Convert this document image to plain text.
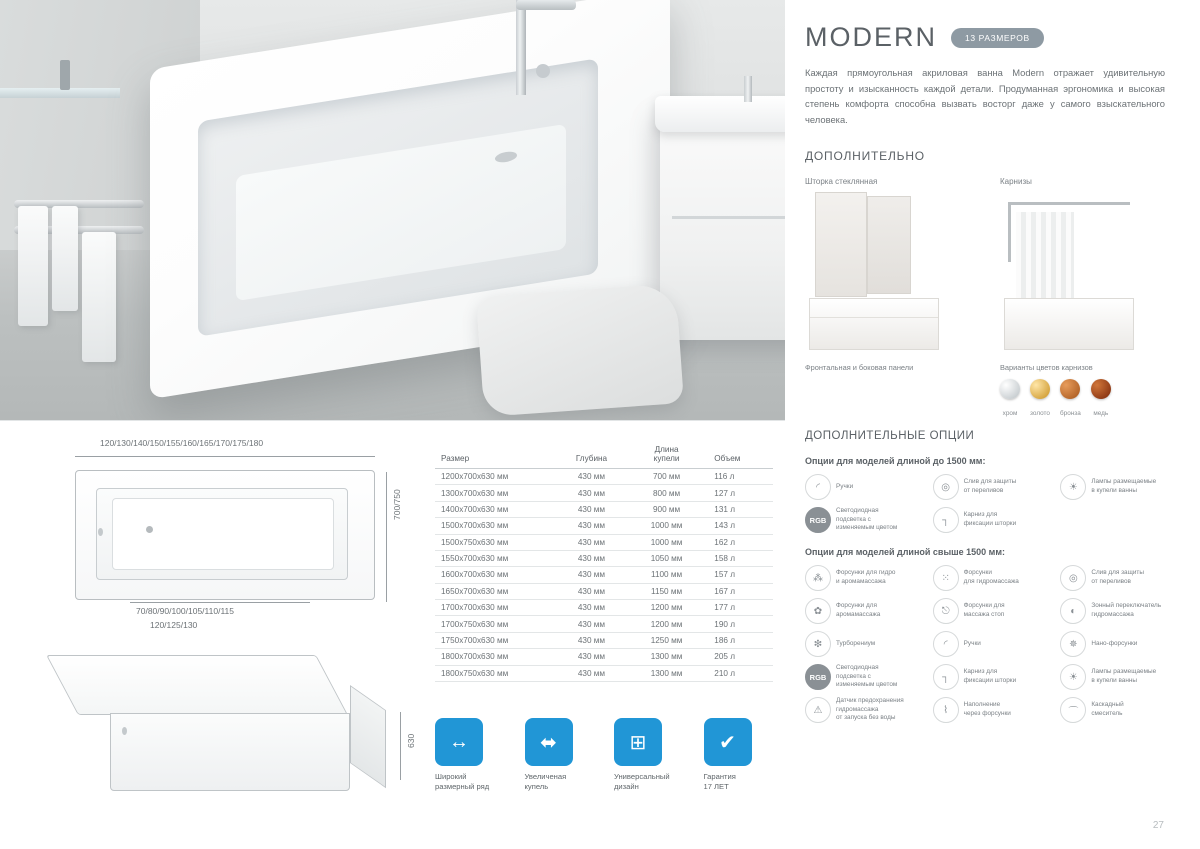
MODERN	13 РАЗМЕРОВ

Каждая прямоугольная акриловая ванна Modern отражает удивительную простоту и изысканность каждой детали. Продуманная эргономика и высокая степень комфорта способна вызвать восторг даже у самого взыскательного человека.

ДОПОЛНИТЕЛЬНО
Шторка стеклянная
Фронтальная и боковая панели
Карнизы
Варианты цветов карнизов
хром	золото бронза	медь
ДОПОЛНИТЕЛЬНЫЕ ОПЦИИ
Опции для моделей длиной до 1500 мм:
◜	Ручки	◎	Слив для защиты
от переливов	☀	Лампы размещаемые
в купели ванны
RGB
Светодиодная
подсветка с
изменяемым цветом
┐	Карниз для
фиксации шторки
Опции для моделей длиной свыше 1500 мм:
⁂	Форсунки для гидро
и аромамассажа	⁙	Форсунки
для гидромассажа	◎	Слив для защиты
от переливов
✿	Форсунки для
аромамассажа	⎋	Форсунки для
массажа стоп	◐	Зонный переключатель
гидромассажа
❇	Турборениум	◜	Ручки	✵	Нано-форсунки
RGB
Светодиодная
подсветка с
изменяемым цветом
┐	Карниз для
фиксации шторки	☀	Лампы размещаемые
в купели ванны
⚠
Датчик предохранения
гидромассажа
от запуска без воды
⌇	Наполнение
через форсунки	⌒
Каскадный
смеситель
120/130/140/150/155/160/165/170/175/180
700/750
70/80/90/100/105/110/115
120/125/130
630
Размер	Глубина	Длина
купели	Объем
1200x700x630 мм	430 мм	700 мм	116 л
1300x700x630 мм	430 мм	800 мм	127 л
1400x700x630 мм	430 мм	900 мм	131 л
1500x700x630 мм	430 мм	1000 мм	143 л
1500x750x630 мм	430 мм	1000 мм	162 л
1550x700x630 мм	430 мм	1050 мм	158 л
1600x700x630 мм	430 мм	1100 мм	157 л
1650x700x630 мм	430 мм	1150 мм	167 л
1700x700x630 мм	430 мм	1200 мм	177 л
1700x750x630 мм	430 мм	1200 мм	190 л
1750x700x630 мм	430 мм	1250 мм	186 л
1800x700x630 мм	430 мм	1300 мм	205 л
1800x750x630 мм	430 мм	1300 мм	210 л
↔
Широкий
размерный ряд
⬌
Увеличеная
купель
⊞
Универсальный
дизайн
✔
Гарантия
17 ЛЕТ
27
